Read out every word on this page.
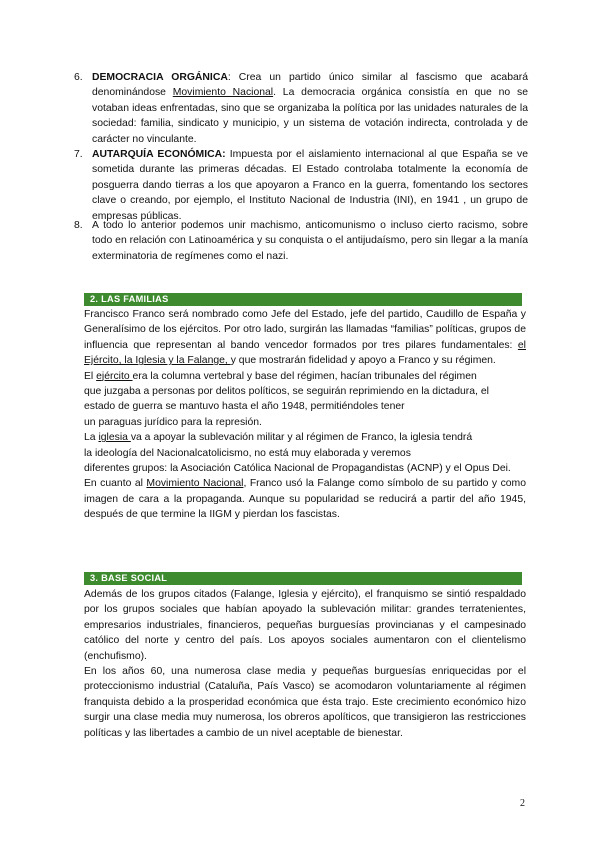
6. DEMOCRACIA ORGÁNICA: Crea un partido único similar al fascismo que acabará denominándose Movimiento Nacional. La democracia orgánica consistía en que no se votaban ideas enfrentadas, sino que se organizaba la política por las unidades naturales de la sociedad: familia, sindicato y municipio, y un sistema de votación indirecta, controlada y de carácter no vinculante.

7. AUTARQUÍA ECONÓMICA: Impuesta por el aislamiento internacional al que España se ve sometida durante las primeras décadas. El Estado controlaba totalmente la economía de posguerra dando tierras a los que apoyaron a Franco en la guerra, fomentando los sectores clave o creando, por ejemplo, el Instituto Nacional de Industria (INI), en 1941 , un grupo de empresas públicas.

8. A todo lo anterior podemos unir machismo, anticomunismo o incluso cierto racismo, sobre todo en relación con Latinoamérica y su conquista o el antijudaísmo, pero sin llegar a la manía exterminatoria de regímenes como el nazi.

2. LAS FAMILIAS

Francisco Franco será nombrado como Jefe del Estado, jefe del partido, Caudillo de España y Generalísimo de los ejércitos. Por otro lado, surgirán las llamadas “familias” políticas, grupos de influencia que representan al bando vencedor formados por tres pilares fundamentales: el Ejército, la Iglesia y la Falange, y que mostrarán fidelidad y apoyo a Franco y su régimen.

El ejército era la columna vertebral y base del régimen, hacían tribunales del régimen
que juzgaba a personas por delitos políticos, se seguirán reprimiendo en la dictadura, el
estado de guerra se mantuvo hasta el año 1948, permitiéndoles tener
un paraguas jurídico para la represión.

La iglesia va a apoyar la sublevación militar y al régimen de Franco, la iglesia tendrá
la ideología del Nacionalcatolicismo, no está muy elaborada y veremos

diferentes grupos: la Asociación Católica Nacional de Propagandistas (ACNP) y el Opus Dei.

En cuanto al Movimiento Nacional, Franco usó la Falange como símbolo de su partido y como imagen de cara a la propaganda. Aunque su popularidad se reducirá a partir del año 1945, después de que termine la IIGM y pierdan los fascistas.

3. BASE SOCIAL

Además de los grupos citados (Falange, Iglesia y ejército), el franquismo se sintió respaldado por los grupos sociales que habían apoyado la sublevación militar: grandes terratenientes, empresarios industriales, financieros, pequeñas burguesías provincianas y el campesinado católico del norte y centro del país. Los apoyos sociales aumentaron con el clientelismo (enchufismo).

En los años 60, una numerosa clase media y pequeñas burguesías enriquecidas por el proteccionismo industrial (Cataluña, País Vasco) se acomodaron voluntariamente al régimen franquista debido a la prosperidad económica que ésta trajo. Este crecimiento económico hizo surgir una clase media muy numerosa, los obreros apolíticos, que transigieron las restricciones políticas y las libertades a cambio de un nivel aceptable de bienestar.

2
